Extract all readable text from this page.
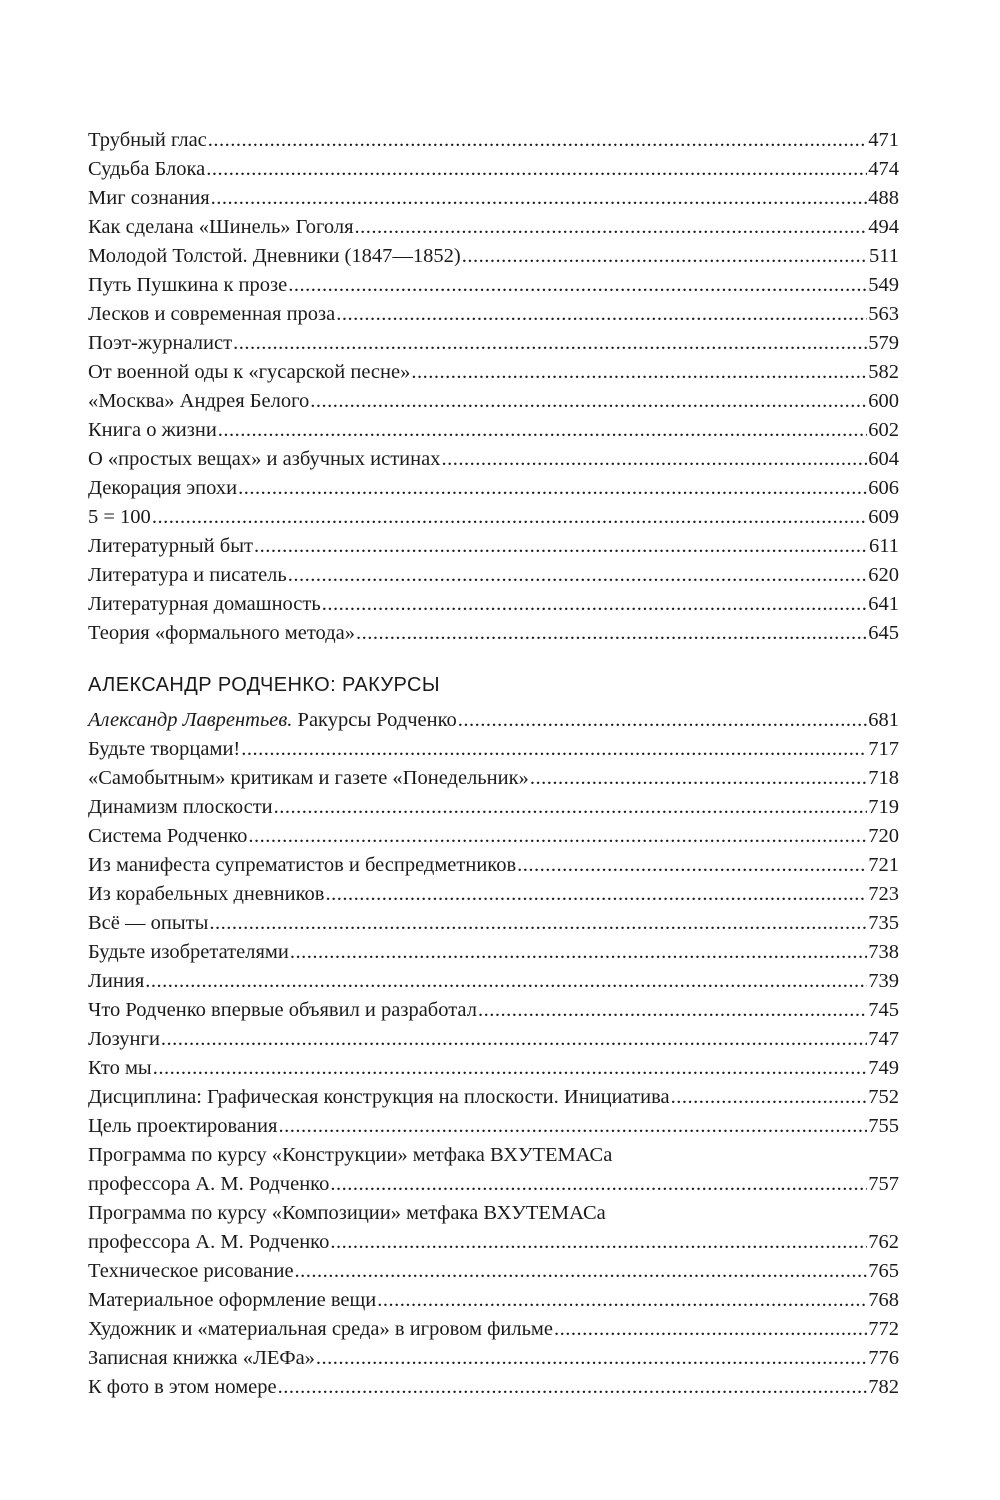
Трубный глас .....	471
Судьба Блока .....	474
Миг сознания .....	488
Как сделана «Шинель» Гоголя .....	494
Молодой Толстой. Дневники (1847—1852) .....	511
Путь Пушкина к прозе .....	549
Лесков и современная проза .....	563
Поэт-журналист .....	579
От военной оды к «гусарской песне» .....	582
«Москва» Андрея Белого .....	600
Книга о жизни .....	602
О «простых вещах» и азбучных истинах .....	604
Декорация эпохи .....	606
5 = 100 .....	609
Литературный быт .....	611
Литература и писатель .....	620
Литературная домашность .....	641
Теория «формального метода» .....	645
АЛЕКСАНДР РОДЧЕНКО: РАКУРСЫ
Александр Лаврентьев. Ракурсы Родченко .....	681
Будьте творцами! .....	717
«Самобытным» критикам и газете «Понедельник» .....	718
Динамизм плоскости .....	719
Система Родченко .....	720
Из манифеста супрематистов и беспредметников .....	721
Из корабельных дневников .....	723
Всё — опыты .....	735
Будьте изобретателями .....	738
Линия .....	739
Что Родченко впервые объявил и разработал .....	745
Лозунги .....	747
Кто мы .....	749
Дисциплина: Графическая конструкция на плоскости. Инициатива .....	752
Цель проектирования .....	755
Программа по курсу «Конструкции» метфака ВХУТЕМАСа
профессора А. М. Родченко .....	757
Программа по курсу «Композиции» метфака ВХУТЕМАСа
профессора А. М. Родченко .....	762
Техническое рисование .....	765
Материальное оформление вещи .....	768
Художник и «материальная среда» в игровом фильме .....	772
Записная книжка «ЛЕФа» .....	776
К фото в этом номере .....	782
